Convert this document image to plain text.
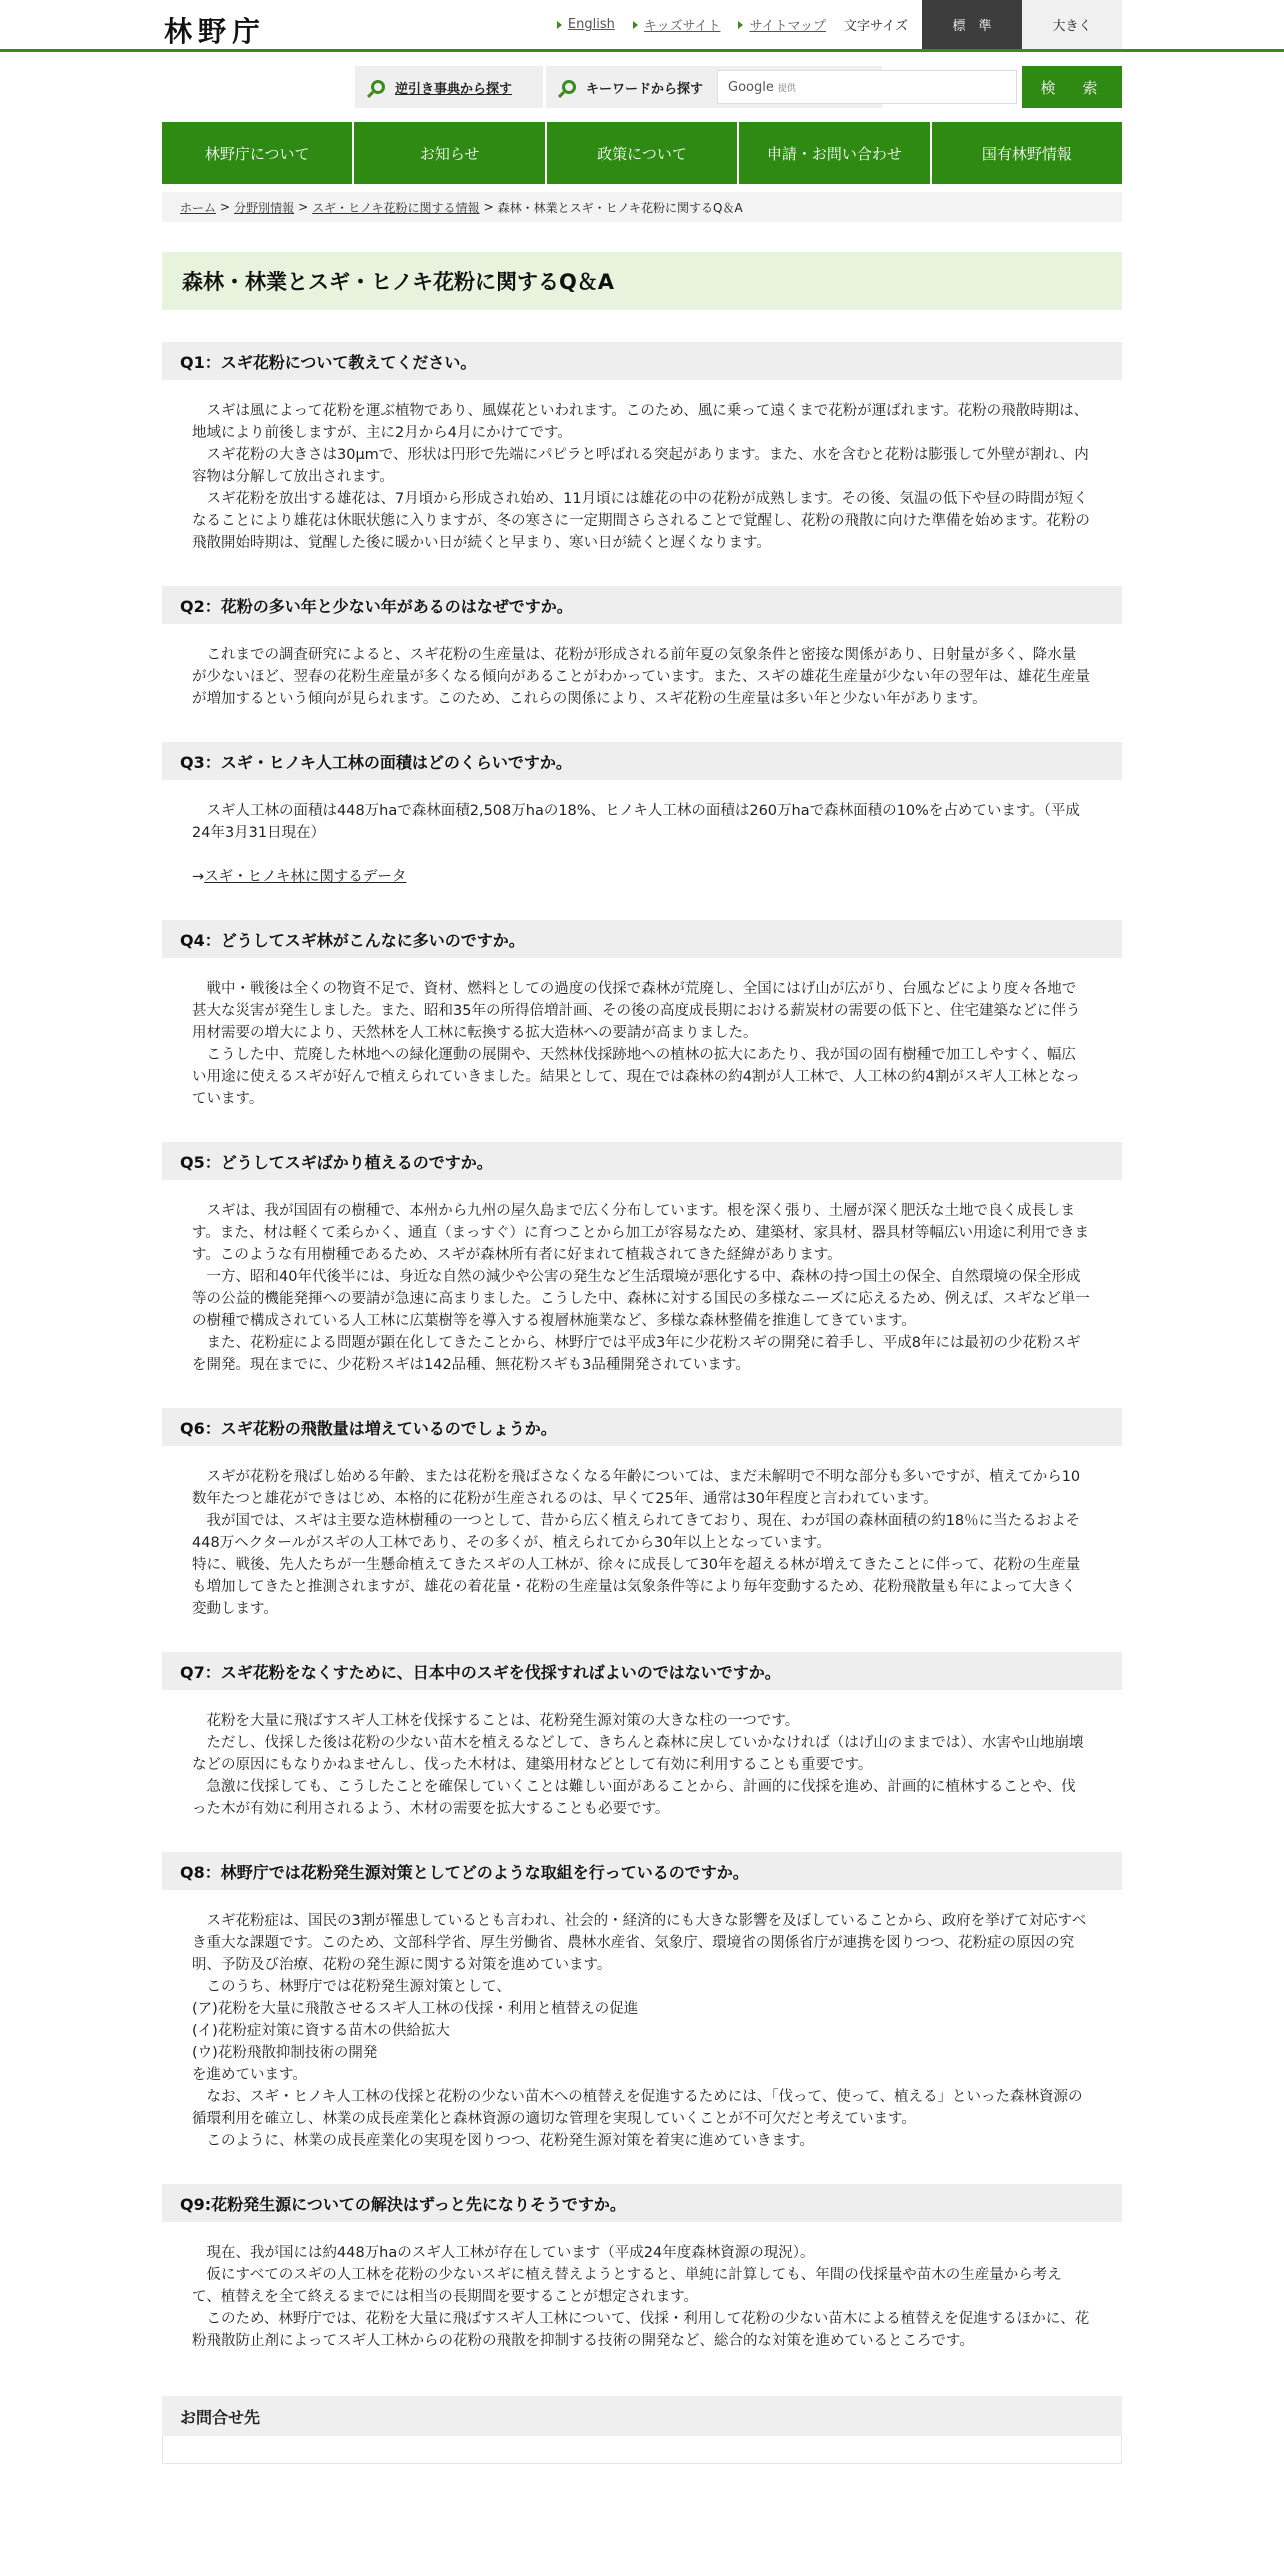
林野庁	English キッズサイト サイトマップ 文字サイズ	標　準	大きく
逆引き事典から探す	キーワードから探す Google 提供	検　索
林野庁について	お知らせ	政策について	申請・お問い合わせ	国有林野情報
ホーム > 分野別情報 > スギ・ヒノキ花粉に関する情報 > 森林・林業とスギ・ヒノキ花粉に関するQ＆A
森林・林業とスギ・ヒノキ花粉に関するQ＆A
Q1：スギ花粉について教えてください。

スギは風によって花粉を運ぶ植物であり、風媒花といわれます。このため、風に乗って遠くまで花粉が運ばれます。花粉の飛散時期は、地域により前後しますが、主に2月から4月にかけてです。

スギ花粉の大きさは30μmで、形状は円形で先端にパピラと呼ばれる突起があります。また、水を含むと花粉は膨張して外壁が割れ、内容物は分解して放出されます。

スギ花粉を放出する雄花は、7月頃から形成され始め、11月頃には雄花の中の花粉が成熟します。その後、気温の低下や昼の時間が短くなることにより雄花は休眠状態に入りますが、冬の寒さに一定期間さらされることで覚醒し、花粉の飛散に向けた準備を始めます。花粉の飛散開始時期は、覚醒した後に暖かい日が続くと早まり、寒い日が続くと遅くなります。

Q2：花粉の多い年と少ない年があるのはなぜですか。

これまでの調査研究によると、スギ花粉の生産量は、花粉が形成される前年夏の気象条件と密接な関係があり、日射量が多く、降水量が少ないほど、翌春の花粉生産量が多くなる傾向があることがわかっています。また、スギの雄花生産量が少ない年の翌年は、雄花生産量が増加するという傾向が見られます。このため、これらの関係により、スギ花粉の生産量は多い年と少ない年があります。

Q3：スギ・ヒノキ人工林の面積はどのくらいですか。

スギ人工林の面積は448万haで森林面積2,508万haの18%、ヒノキ人工林の面積は260万haで森林面積の10%を占めています。（平成24年3月31日現在）

→スギ・ヒノキ林に関するデータ

Q4：どうしてスギ林がこんなに多いのですか。

戦中・戦後は全くの物資不足で、資材、燃料としての過度の伐採で森林が荒廃し、全国にはげ山が広がり、台風などにより度々各地で甚大な災害が発生しました。また、昭和35年の所得倍増計画、その後の高度成長期における薪炭材の需要の低下と、住宅建築などに伴う用材需要の増大により、天然林を人工林に転換する拡大造林への要請が高まりました。

こうした中、荒廃した林地への緑化運動の展開や、天然林伐採跡地への植林の拡大にあたり、我が国の固有樹種で加工しやすく、幅広い用途に使えるスギが好んで植えられていきました。結果として、現在では森林の約4割が人工林で、人工林の約4割がスギ人工林となっています。

Q5：どうしてスギばかり植えるのですか。

スギは、我が国固有の樹種で、本州から九州の屋久島まで広く分布しています。根を深く張り、土層が深く肥沃な土地で良く成長します。また、材は軽くて柔らかく、通直（まっすぐ）に育つことから加工が容易なため、建築材、家具材、器具材等幅広い用途に利用できます。このような有用樹種であるため、スギが森林所有者に好まれて植栽されてきた経緯があります。

一方、昭和40年代後半には、身近な自然の減少や公害の発生など生活環境が悪化する中、森林の持つ国土の保全、自然環境の保全形成等の公益的機能発揮への要請が急速に高まりました。こうした中、森林に対する国民の多様なニーズに応えるため、例えば、スギなど単一の樹種で構成されている人工林に広葉樹等を導入する複層林施業など、多様な森林整備を推進してきています。

また、花粉症による問題が顕在化してきたことから、林野庁では平成3年に少花粉スギの開発に着手し、平成8年には最初の少花粉スギを開発。現在までに、少花粉スギは142品種、無花粉スギも3品種開発されています。

Q6：スギ花粉の飛散量は増えているのでしょうか。

スギが花粉を飛ばし始める年齢、または花粉を飛ばさなくなる年齢については、まだ未解明で不明な部分も多いですが、植えてから10数年たつと雄花ができはじめ、本格的に花粉が生産されるのは、早くて25年、通常は30年程度と言われています。

我が国では、スギは主要な造林樹種の一つとして、昔から広く植えられてきており、現在、わが国の森林面積の約18％に当たるおよそ448万ヘクタールがスギの人工林であり、その多くが、植えられてから30年以上となっています。

特に、戦後、先人たちが一生懸命植えてきたスギの人工林が、徐々に成長して30年を超える林が増えてきたことに伴って、花粉の生産量も増加してきたと推測されますが、雄花の着花量・花粉の生産量は気象条件等により毎年変動するため、花粉飛散量も年によって大きく変動します。

Q7：スギ花粉をなくすために、日本中のスギを伐採すればよいのではないですか。

花粉を大量に飛ばすスギ人工林を伐採することは、花粉発生源対策の大きな柱の一つです。

ただし、伐採した後は花粉の少ない苗木を植えるなどして、きちんと森林に戻していかなければ（はげ山のままでは）、水害や山地崩壊などの原因にもなりかねませんし、伐った木材は、建築用材などとして有効に利用することも重要です。

急激に伐採しても、こうしたことを確保していくことは難しい面があることから、計画的に伐採を進め、計画的に植林することや、伐った木が有効に利用されるよう、木材の需要を拡大することも必要です。

Q8：林野庁では花粉発生源対策としてどのような取組を行っているのですか。

スギ花粉症は、国民の3割が罹患しているとも言われ、社会的・経済的にも大きな影響を及ぼしていることから、政府を挙げて対応すべき重大な課題です。このため、文部科学省、厚生労働省、農林水産省、気象庁、環境省の関係省庁が連携を図りつつ、花粉症の原因の究明、予防及び治療、花粉の発生源に関する対策を進めています。

このうち、林野庁では花粉発生源対策として、

(ア)花粉を大量に飛散させるスギ人工林の伐採・利用と植替えの促進

(イ)花粉症対策に資する苗木の供給拡大

(ウ)花粉飛散抑制技術の開発

を進めています。

なお、スギ・ヒノキ人工林の伐採と花粉の少ない苗木への植替えを促進するためには、「伐って、使って、植える」といった森林資源の循環利用を確立し、林業の成長産業化と森林資源の適切な管理を実現していくことが不可欠だと考えています。

このように、林業の成長産業化の実現を図りつつ、花粉発生源対策を着実に進めていきます。

Q9:花粉発生源についての解決はずっと先になりそうですか。

現在、我が国には約448万haのスギ人工林が存在しています（平成24年度森林資源の現況）。

仮にすべてのスギの人工林を花粉の少ないスギに植え替えようとすると、単純に計算しても、年間の伐採量や苗木の生産量から考えて、植替えを全て終えるまでには相当の長期間を要することが想定されます。

このため、林野庁では、花粉を大量に飛ばすスギ人工林について、伐採・利用して花粉の少ない苗木による植替えを促進するほかに、花粉飛散防止剤によってスギ人工林からの花粉の飛散を抑制する技術の開発など、総合的な対策を進めているところです。

お問合せ先
